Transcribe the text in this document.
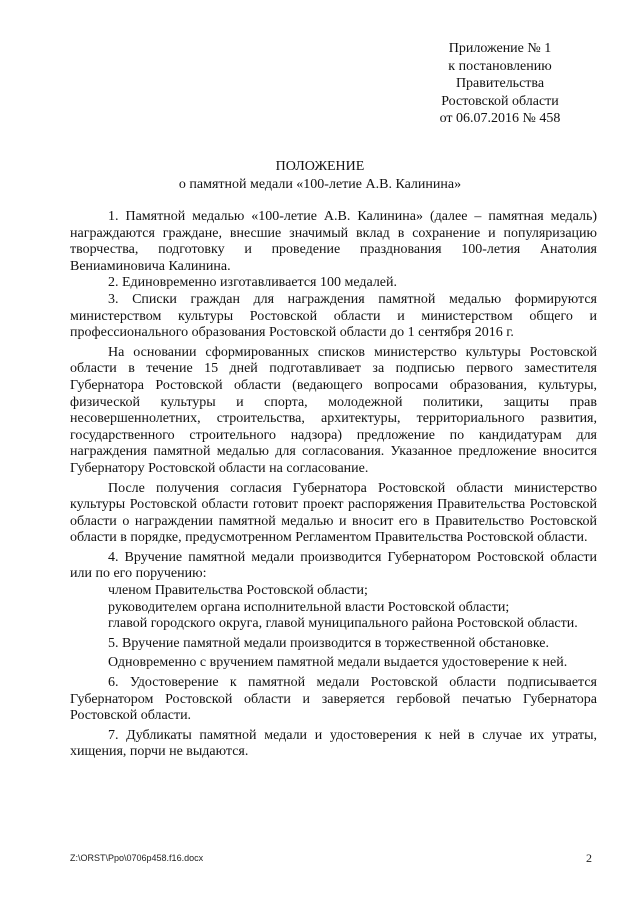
Приложение № 1
к постановлению
Правительства
Ростовской области
от 06.07.2016 № 458
ПОЛОЖЕНИЕ
о памятной медали «100-летие А.В. Калинина»

1. Памятной медалью «100-летие А.В. Калинина» (далее – памятная медаль) награждаются граждане, внесшие значимый вклад в сохранение и популяризацию творчества, подготовку и проведение празднования 100-летия Анатолия Вениаминовича Калинина.

2. Единовременно изготавливается 100 медалей.

3. Списки граждан для награждения памятной медалью формируются министерством культуры Ростовской области и министерством общего и профессионального образования Ростовской области до 1 сентября 2016 г.

На основании сформированных списков министерство культуры Ростовской области в течение 15 дней подготавливает за подписью первого заместителя Губернатора Ростовской области (ведающего вопросами образования, культуры, физической культуры и спорта, молодежной политики, защиты прав несовершеннолетних, строительства, архитектуры, территориального развития, государственного строительного надзора) предложение по кандидатурам для награждения памятной медалью для согласования. Указанное предложение вносится Губернатору Ростовской области на согласование.

После получения согласия Губернатора Ростовской области министерство культуры Ростовской области готовит проект распоряжения Правительства Ростовской области о награждении памятной медалью и вносит его в Правительство Ростовской области в порядке, предусмотренном Регламентом Правительства Ростовской области.

4. Вручение памятной медали производится Губернатором Ростовской области или по его поручению:

членом Правительства Ростовской области;

руководителем органа исполнительной власти Ростовской области;

главой городского округа, главой муниципального района Ростовской области.

5. Вручение памятной медали производится в торжественной обстановке.

Одновременно с вручением памятной медали выдается удостоверение к ней.

6. Удостоверение к памятной медали Ростовской области подписывается Губернатором Ростовской области и заверяется гербовой печатью Губернатора Ростовской области.

7. Дубликаты памятной медали и удостоверения к ней в случае их утраты, хищения, порчи не выдаются.

Z:\ORST\Ppo\0706p458.f16.docx	2
